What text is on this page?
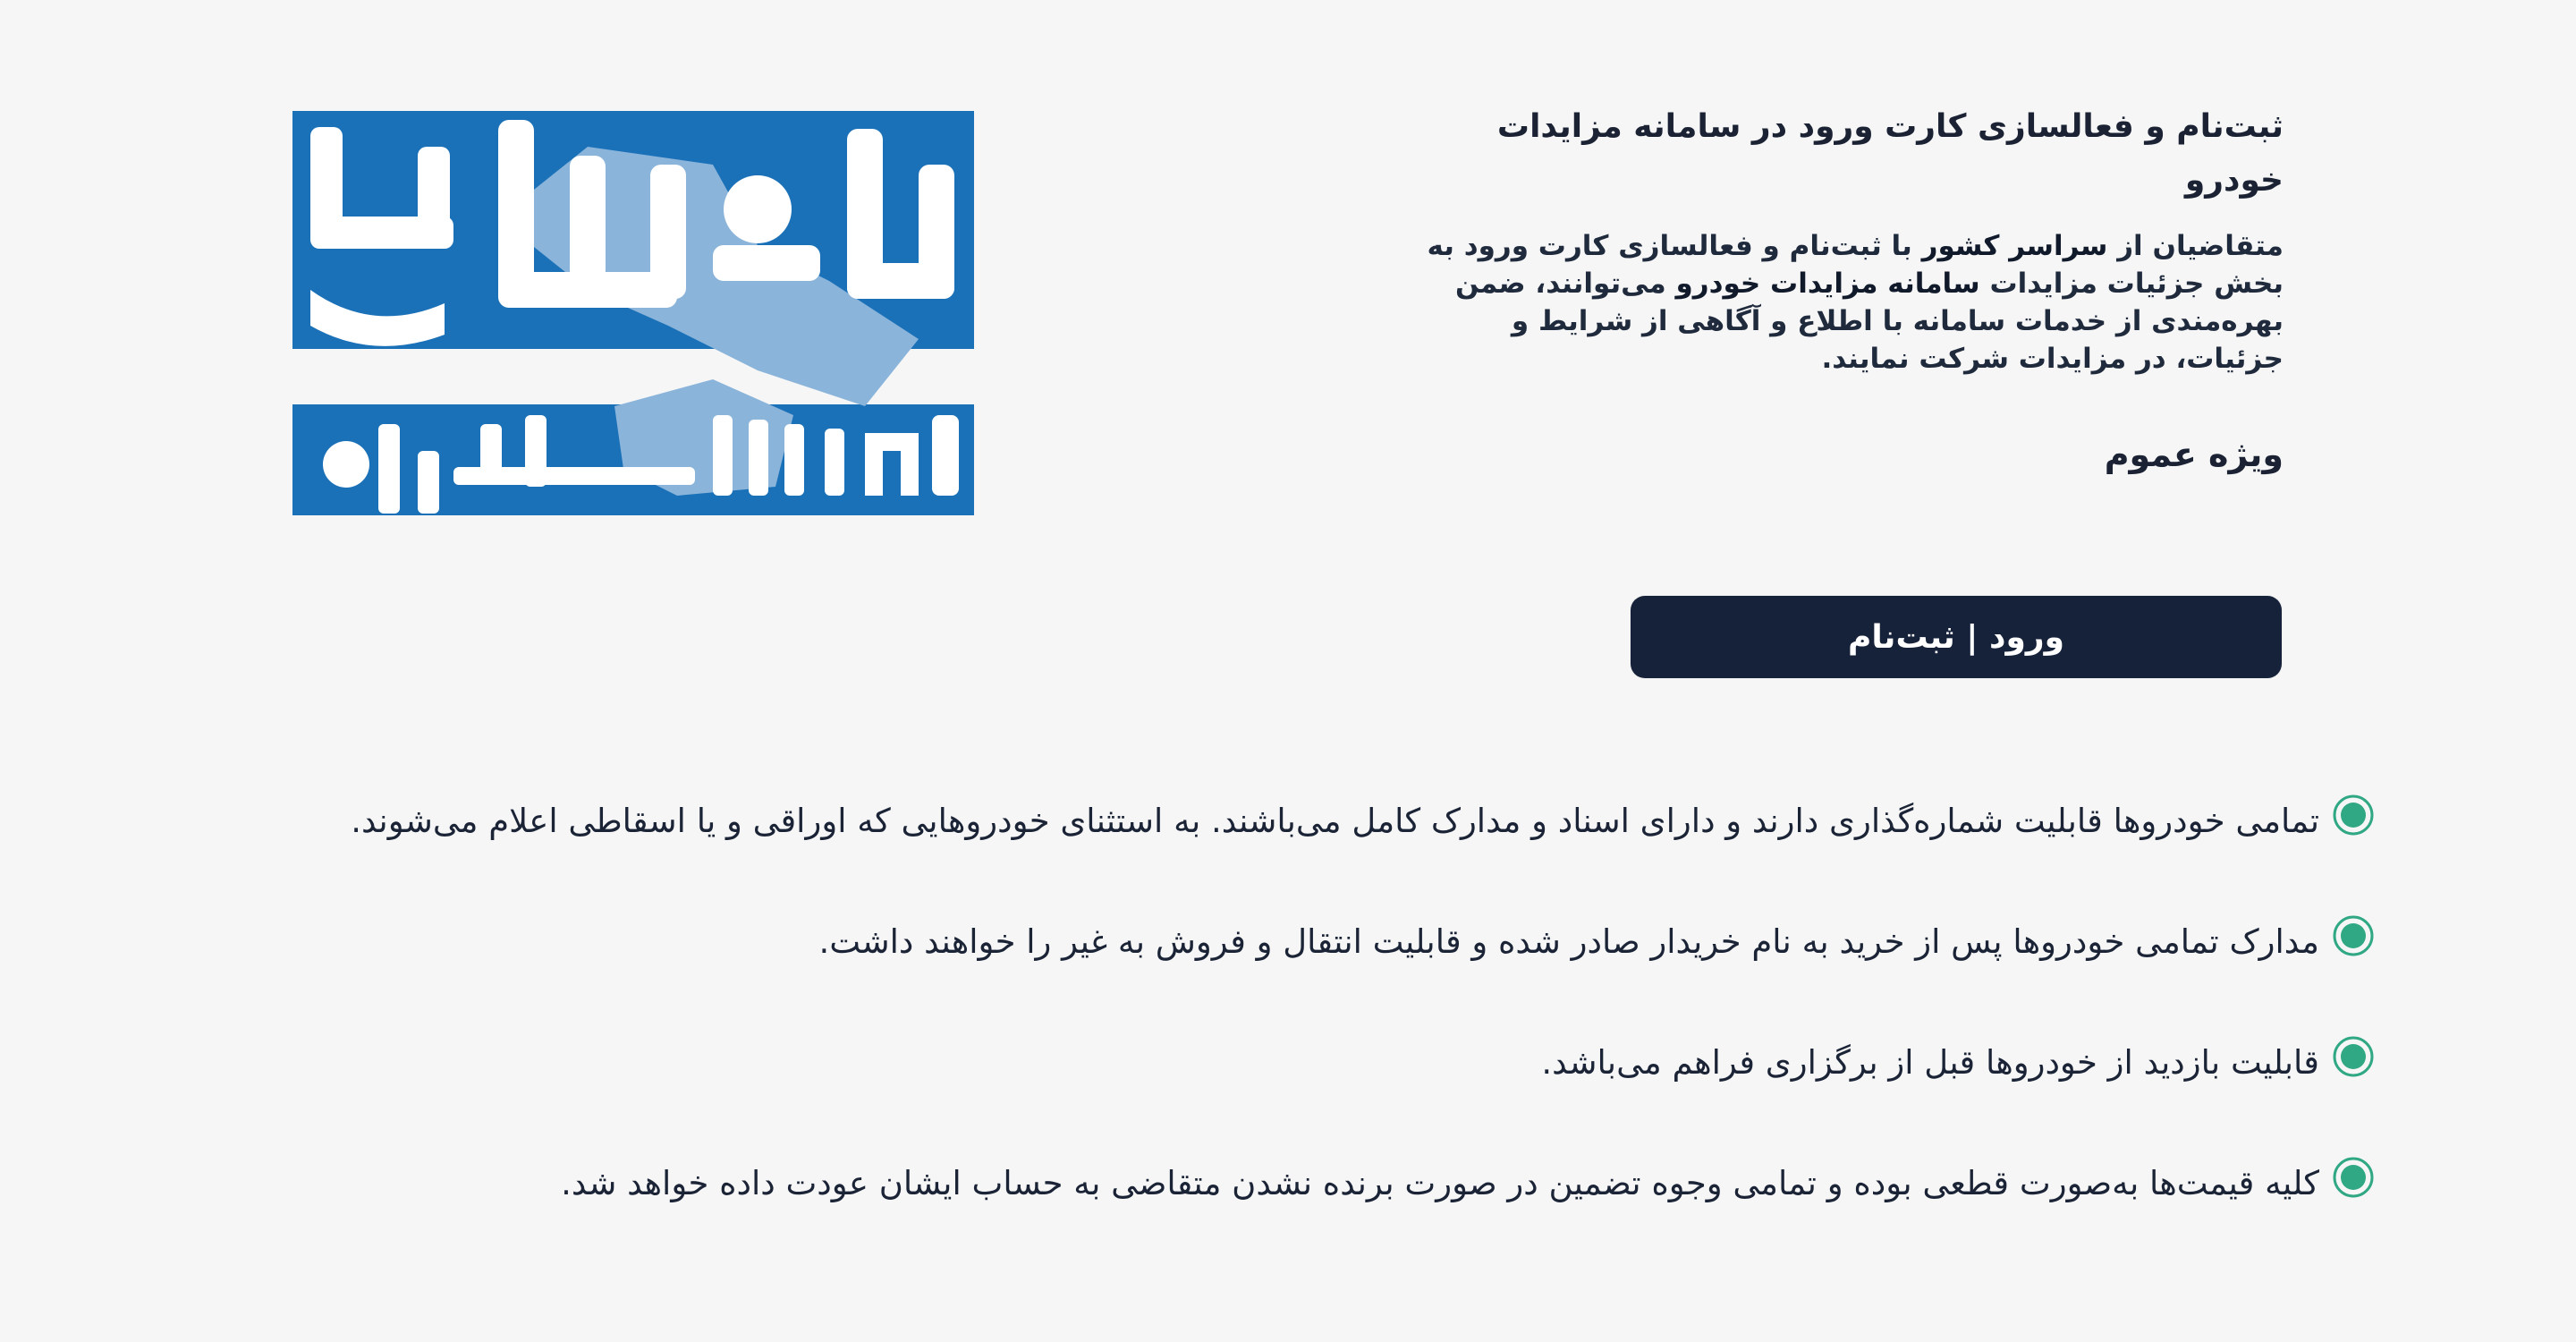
ثبت‌نام و فعالسازی کارت ورود در سامانه مزایدات خودرو

متقاضیان از سراسر کشور با ثبت‌نام و فعالسازی کارت ورود به بخش جزئیات مزایدات سامانه مزایدات خودرو می‌توانند، ضمن بهره‌مندی از خدمات سامانه با اطلاع و آگاهی از شرایط و جزئیات، در مزایدات شرکت نمایند.

ویژه عموم
ورود | ثبت‌نام
تمامی خودروها قابلیت شماره‌گذاری دارند و دارای اسناد و مدارک کامل می‌باشند. به استثنای خودروهایی که اوراقی و یا اسقاطی اعلام می‌شوند.
مدارک تمامی خودروها پس از خرید به نام خریدار صادر شده و قابلیت انتقال و فروش به غیر را خواهند داشت.
قابلیت بازدید از خودروها قبل از برگزاری فراهم می‌باشد.
کلیه قیمت‌ها به‌صورت قطعی بوده و تمامی وجوه تضمین در صورت برنده نشدن متقاضی به حساب ایشان عودت داده خواهد شد.
